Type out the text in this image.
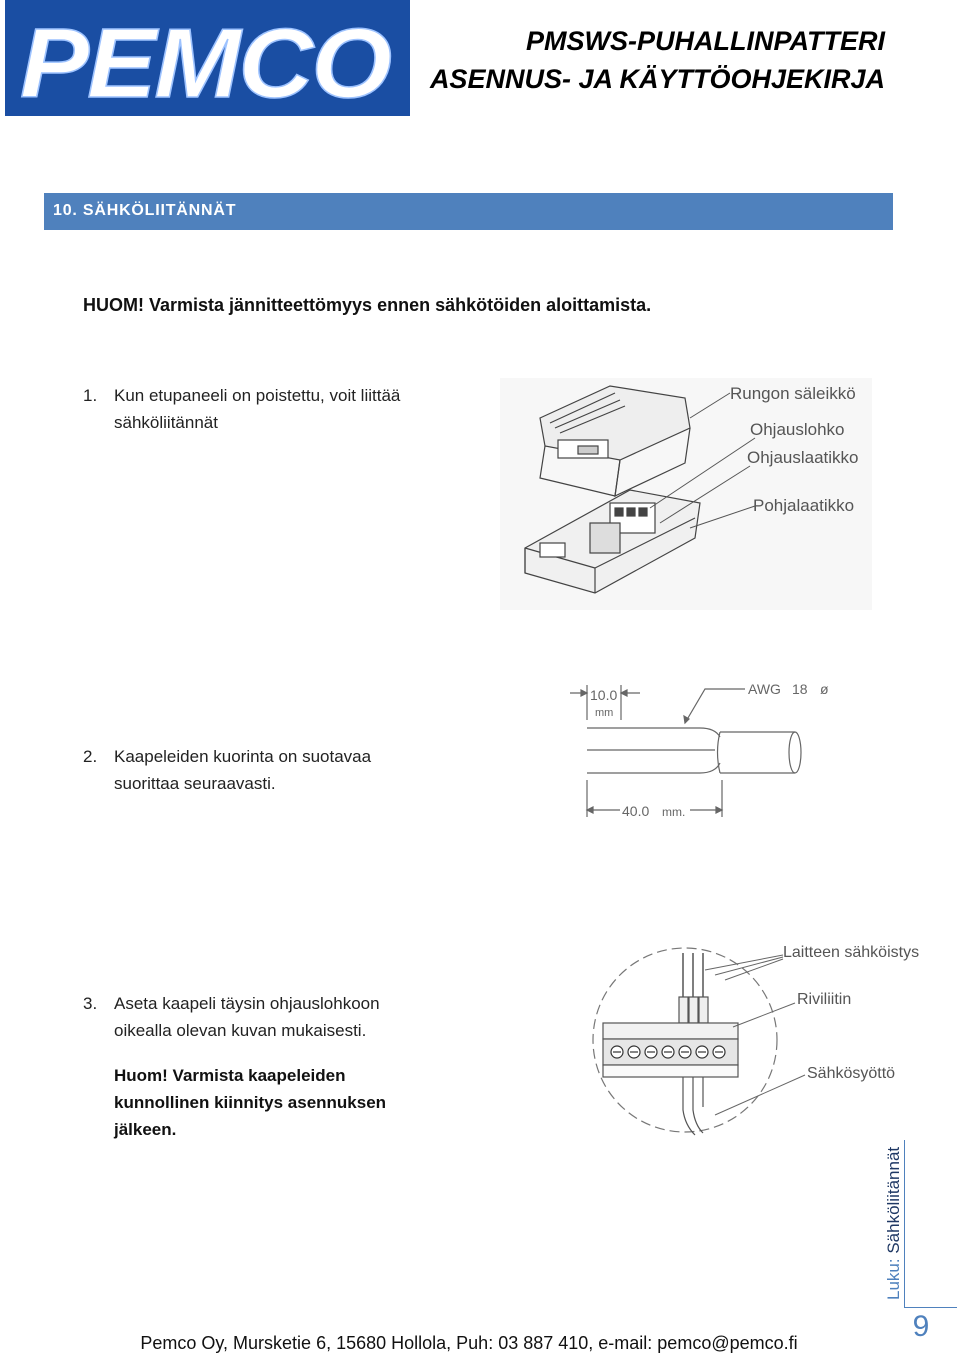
PEMCO	PMSWS-PUHALLINPATTERI
ASENNUS- JA KÄYTTÖOHJEKIRJA
10. SÄHKÖLIITÄNNÄT
HUOM! Varmista jännitteettömyys ennen sähkötöiden aloittamista.
1. Kun etupaneeli on poistettu, voit liittää sähköliitännät
2. Kaapeleiden kuorinta on suotavaa suorittaa seuraavasti.
3. Aseta kaapeli täysin ohjauslohkoon oikealla olevan kuvan mukaisesti.
Huom! Varmista kaapeleiden kunnollinen kiinnitys asennuksen jälkeen.
Rungon säleikkö
Ohjauslohko
Ohjauslaatikko
Pohjalaatikko
10.0
mm
AWG 18 ø
40.0 mm.
Laitteen sähköistys
Riviliitin
Sähkösyöttö
Luku: Sähköliitännät
9
Pemco Oy, Mursketie 6, 15680 Hollola, Puh: 03 887 410, e-mail: pemco@pemco.fi
